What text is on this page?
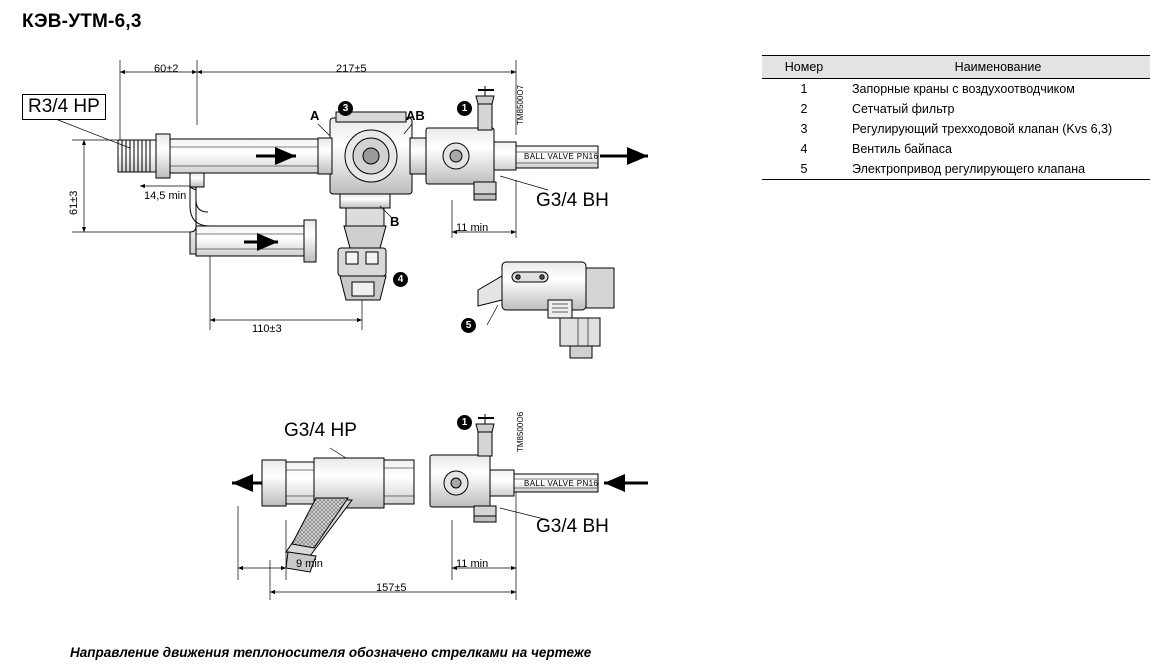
КЭВ-УТМ-6,3
Номер	Наименование
1	Запорные краны с воздухоотводчиком
2	Сетчатый фильтр
3	Регулирующий трехходовой клапан (Kvs 6,3)
4	Вентиль байпаса
5	Электропривод регулирующего клапана
R3/4 HP
G3/4 BH
BALL VALVE PN16
TM8500O7
60±2	217±5
61±3	14,5 min
110±3
11 min
A	AB
B
3	1
4
5
G3/4 HP
G3/4 BH
BALL VALVE PN16
TM8500O6
9 min	11 min
157±5
1
Направление движения теплоносителя обозначено стрелками на чертеже
